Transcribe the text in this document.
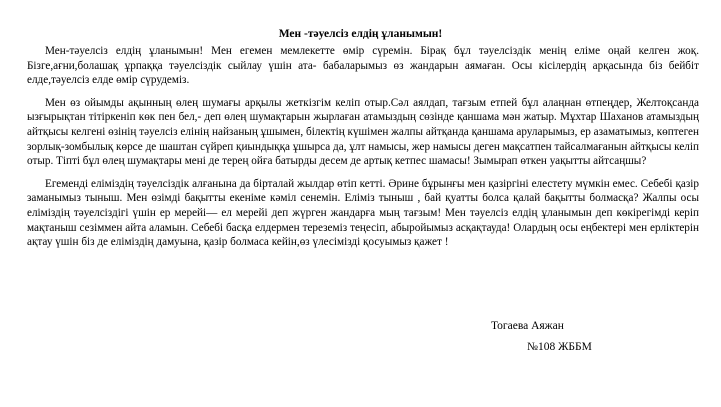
Мен -тәуелсіз елдің ұланымын!

Мен-тәуелсіз елдің ұланымын! Мен егемен мемлекетте өмір сүремін. Бірақ бұл тәуелсіздік менің еліме оңай келген жоқ. Бізге,ағни,болашақ ұрпаққа тәуелсіздік сыйлау үшін ата- бабаларымыз өз жандарын аямаған. Осы кісілердің арқасында біз бейбіт елде,тәуелсіз елде өмір сүрудеміз.

Мен өз ойымды ақынның өлең шумағы арқылы жеткізгім келіп отыр.Сәл аялдап, тағзым етпей бұл алаңнан өтпеңдер, Желтоқсанда ызғырықтан тітіркеніп көк пен бел,- деп өлең шумақтарын жырлаған атамыздың сөзінде қаншама мән жатыр. Мұхтар Шаханов атамыздың айтқысы келгені өзінің тәуелсіз елінің найзаның ұшымен, білектің күшімен жалпы айтқанда қаншама аруларымыз, ер азаматымыз, көптеген зорлық-зомбылық көрсе де шаштан сүйреп қиындыққа ұшырса да, ұлт намысы, жер намысы деген мақсатпен тайсалмағанын айтқысы келіп отыр. Тіпті бұл өлең шумақтары мені де терең ойға батырды десем де артық кетпес шамасы! Зымырап өткен уақытты айтсаңшы?

Егеменді еліміздің тәуелсіздік алғанына да бірталай жылдар өтіп кетті. Әрине бұрынғы мен қазіргіні елестету мүмкін емес. Себебі қазір заманымыз тыныш. Мен өзімді бақытты екеніме кәміл сенемін. Еліміз тыныш , бай қуатты болса қалай бақытты болмасқа? Жалпы осы еліміздің тәуелсіздігі үшін ер мерейі— ел мерейі деп жүрген жандарға мың тағзым! Мен тәуелсіз елдің ұланымын деп көкірегімді керіп мақтаныш сезіммен айта аламын. Себебі басқа елдермен тереземіз теңесіп, абыройымыз асқақтауда! Олардың осы еңбектері мен ерліктерін ақтау үшін біз де еліміздің дамуына, қазір болмаса кейін,өз үлесімізді қосуымыз қажет !

Тогаева Аяжан
№108 ЖББМ
